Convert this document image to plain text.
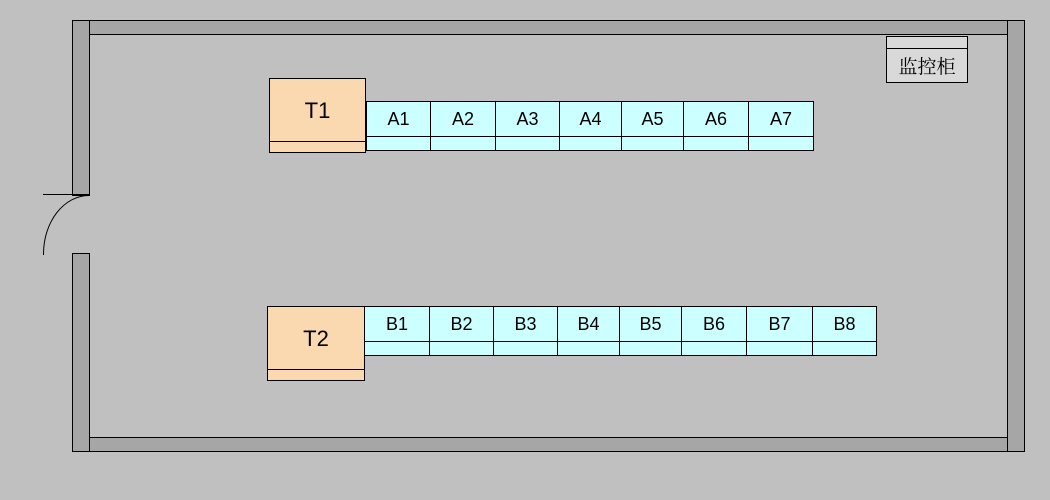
监控柜
T1
T2
A1	A2	A3	A4	A5	A6	A7
B1	B2	B3	B4	B5	B6	B7	B8
